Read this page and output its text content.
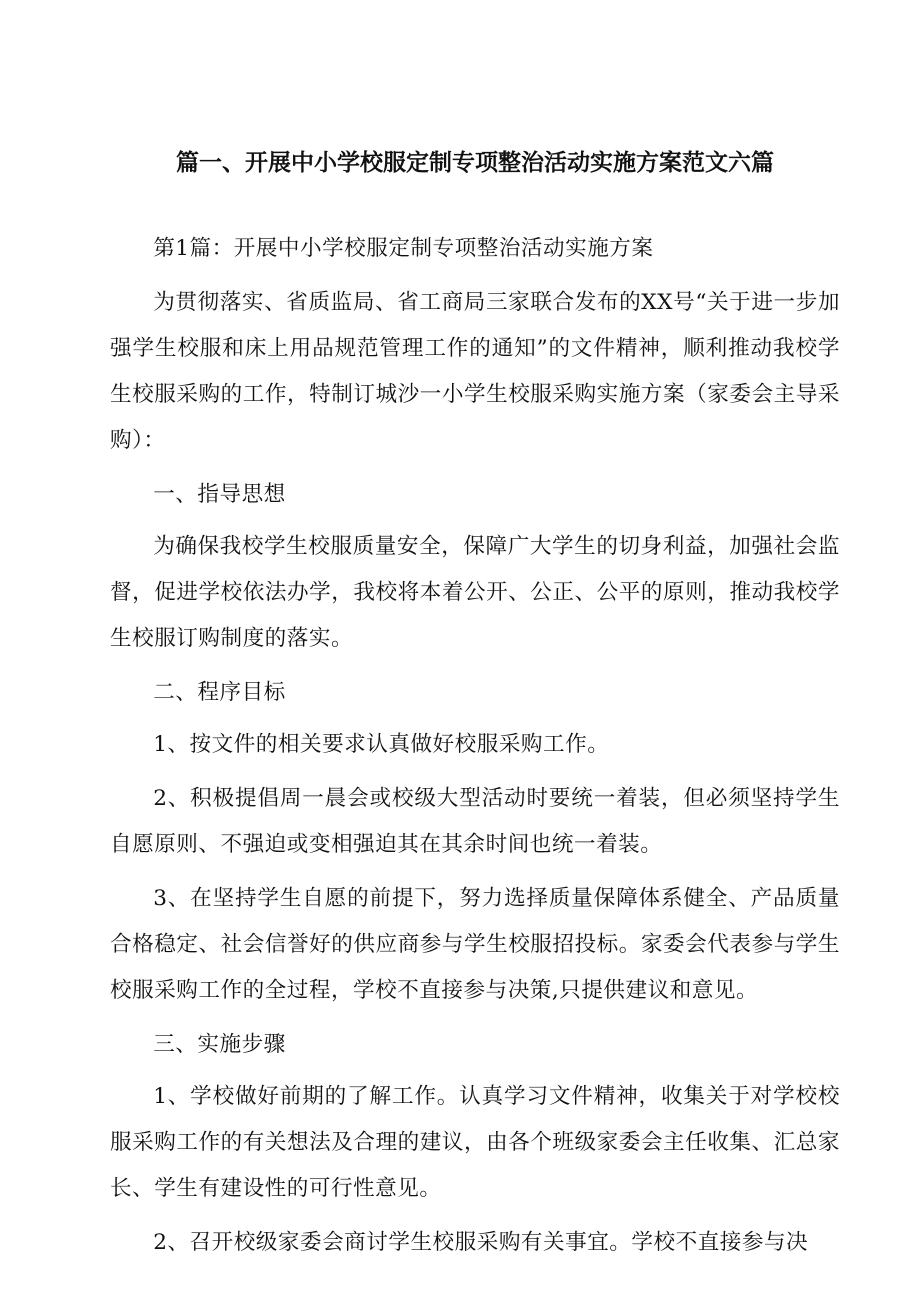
篇一、开展中小学校服定制专项整治活动实施方案范文六篇

第1篇：开展中小学校服定制专项整治活动实施方案

为贯彻落实、省质监局、省工商局三家联合发布的XX号“关于进一步加强学生校服和床上用品规范管理工作的通知”的文件精神，顺利推动我校学生校服采购的工作，特制订城沙一小学生校服采购实施方案（家委会主导采购）：

一、指导思想

为确保我校学生校服质量安全，保障广大学生的切身利益，加强社会监督，促进学校依法办学，我校将本着公开、公正、公平的原则，推动我校学生校服订购制度的落实。

二、程序目标

1、按文件的相关要求认真做好校服采购工作。

2、积极提倡周一晨会或校级大型活动时要统一着装，但必须坚持学生自愿原则、不强迫或变相强迫其在其余时间也统一着装。

3、在坚持学生自愿的前提下，努力选择质量保障体系健全、产品质量合格稳定、社会信誉好的供应商参与学生校服招投标。家委会代表参与学生校服采购工作的全过程，学校不直接参与决策,只提供建议和意见。

三、实施步骤

1、学校做好前期的了解工作。认真学习文件精神，收集关于对学校校服采购工作的有关想法及合理的建议，由各个班级家委会主任收集、汇总家长、学生有建设性的可行性意见。

2、召开校级家委会商讨学生校服采购有关事宜。学校不直接参与决
